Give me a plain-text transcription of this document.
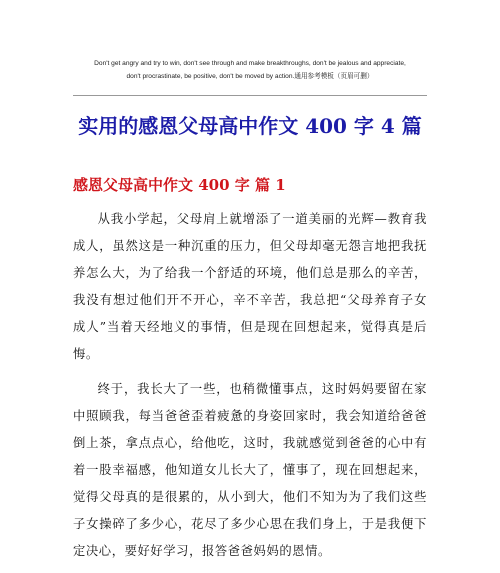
Don't get angry and try to win, don't see through and make breakthroughs, don't be jealous and appreciate,
don't procrastinate, be positive, don't be moved by action.通用参考模板（页眉可删）
实用的感恩父母高中作文 400 字 4 篇
感恩父母高中作文 400 字 篇 1

从我小学起，父母肩上就增添了一道美丽的光辉—教育我成人，虽然这是一种沉重的压力，但父母却毫无怨言地把我抚养怎么大，为了给我一个舒适的环境，他们总是那么的辛苦，我没有想过他们开不开心，辛不辛苦，我总把“父母养育子女成人”当着天经地义的事情，但是现在回想起来，觉得真是后悔。

终于，我长大了一些，也稍微懂事点，这时妈妈要留在家中照顾我，每当爸爸歪着疲惫的身姿回家时，我会知道给爸爸倒上茶，拿点点心，给他吃，这时，我就感觉到爸爸的心中有着一股幸福感，他知道女儿长大了，懂事了，现在回想起来，觉得父母真的是很累的，从小到大，他们不知为为了我们这些子女操碎了多少心，花尽了多少心思在我们身上，于是我便下定决心，要好好学习，报答爸爸妈妈的恩情。
